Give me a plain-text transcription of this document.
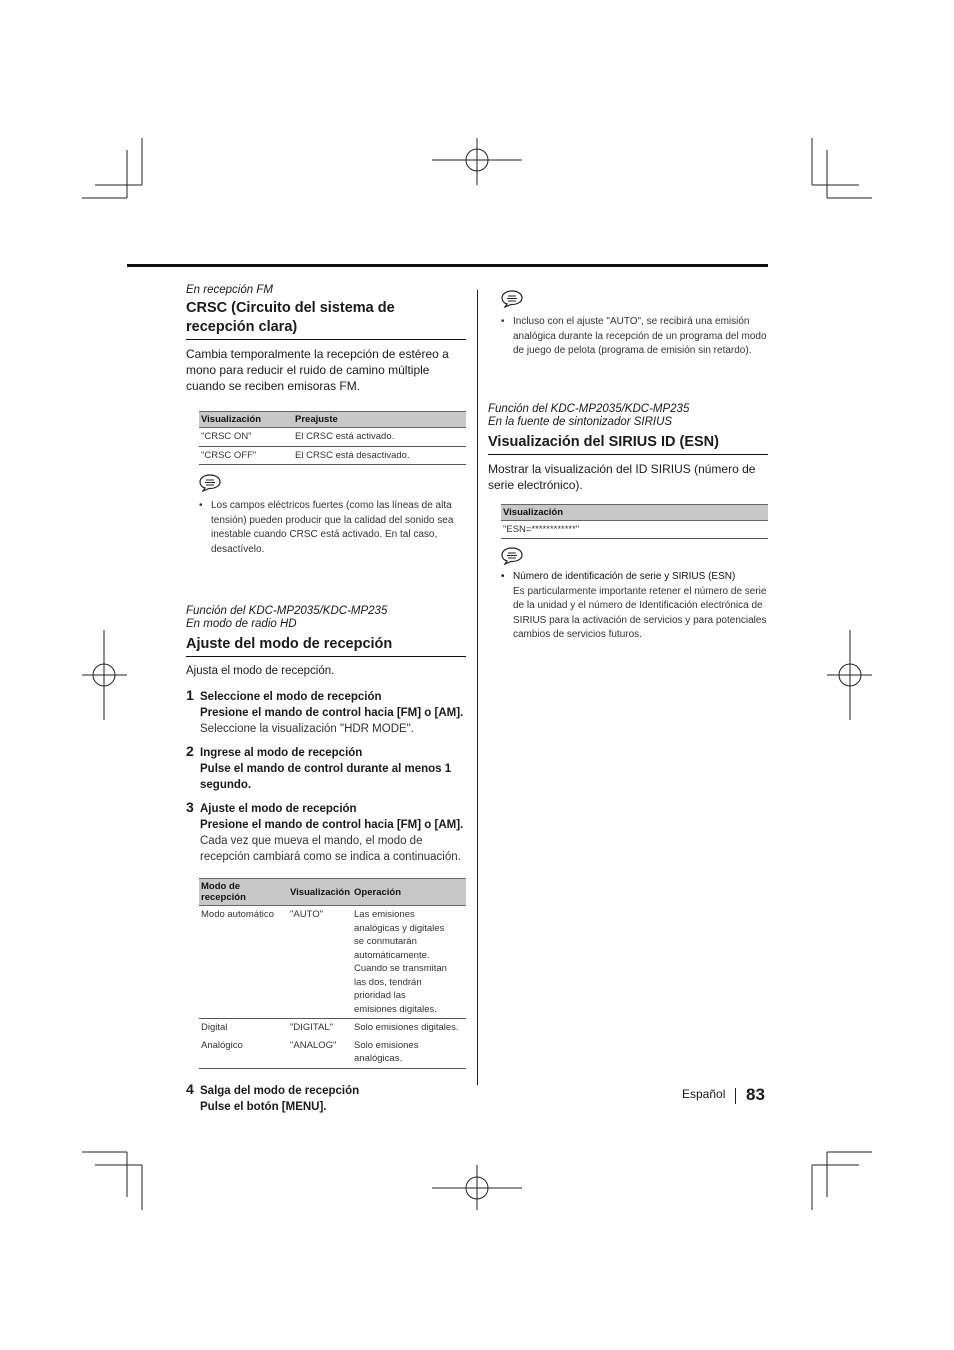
En recepción FM
CRSC (Circuito del sistema de recepción clara)
Cambia temporalmente la recepción de estéreo a mono para reducir el ruido de camino múltiple cuando se reciben emisoras FM.
Visualización	Preajuste
"CRSC ON"	El CRSC está activado.
"CRSC OFF"	El CRSC está desactivado.
• Los campos eléctricos fuertes (como las líneas de alta tensión) pueden producir que la calidad del sonido sea inestable cuando CRSC está activado. En tal caso, desactívelo.
Función del KDC-MP2035/KDC-MP235
En modo de radio HD
Ajuste del modo de recepción
Ajusta el modo de recepción.
1 Seleccione el modo de recepción
Presione el mando de control hacia [FM] o [AM].
Seleccione la visualización "HDR MODE".
2 Ingrese al modo de recepción
Pulse el mando de control durante al menos 1 segundo.
3 Ajuste el modo de recepción
Presione el mando de control hacia [FM] o [AM].
Cada vez que mueva el mando, el modo de recepción cambiará como se indica a continuación.
Modo de recepción	Visualización	Operación
Modo automático	"AUTO"	Las emisiones analógicas y digitales se conmutarán automáticamente. Cuando se transmitan las dos, tendrán prioridad las emisiones digitales.
Digital	"DIGITAL"	Solo emisiones digitales.
Analógico	"ANALOG"	Solo emisiones analógicas.
4 Salga del modo de recepción
Pulse el botón [MENU].
• Incluso con el ajuste "AUTO", se recibirá una emisión analógica durante la recepción de un programa del modo de juego de pelota (programa de emisión sin retardo).
Función del KDC-MP2035/KDC-MP235
En la fuente de sintonizador SIRIUS
Visualización del SIRIUS ID (ESN)
Mostrar la visualización del ID SIRIUS (número de serie electrónico).
Visualización
"ESN=************"
• Número de identificación de serie y SIRIUS (ESN)
Es particularmente importante retener el número de serie de la unidad y el número de Identificación electrónica de SIRIUS para la activación de servicios y para potenciales cambios de servicios futuros.
Español 83
